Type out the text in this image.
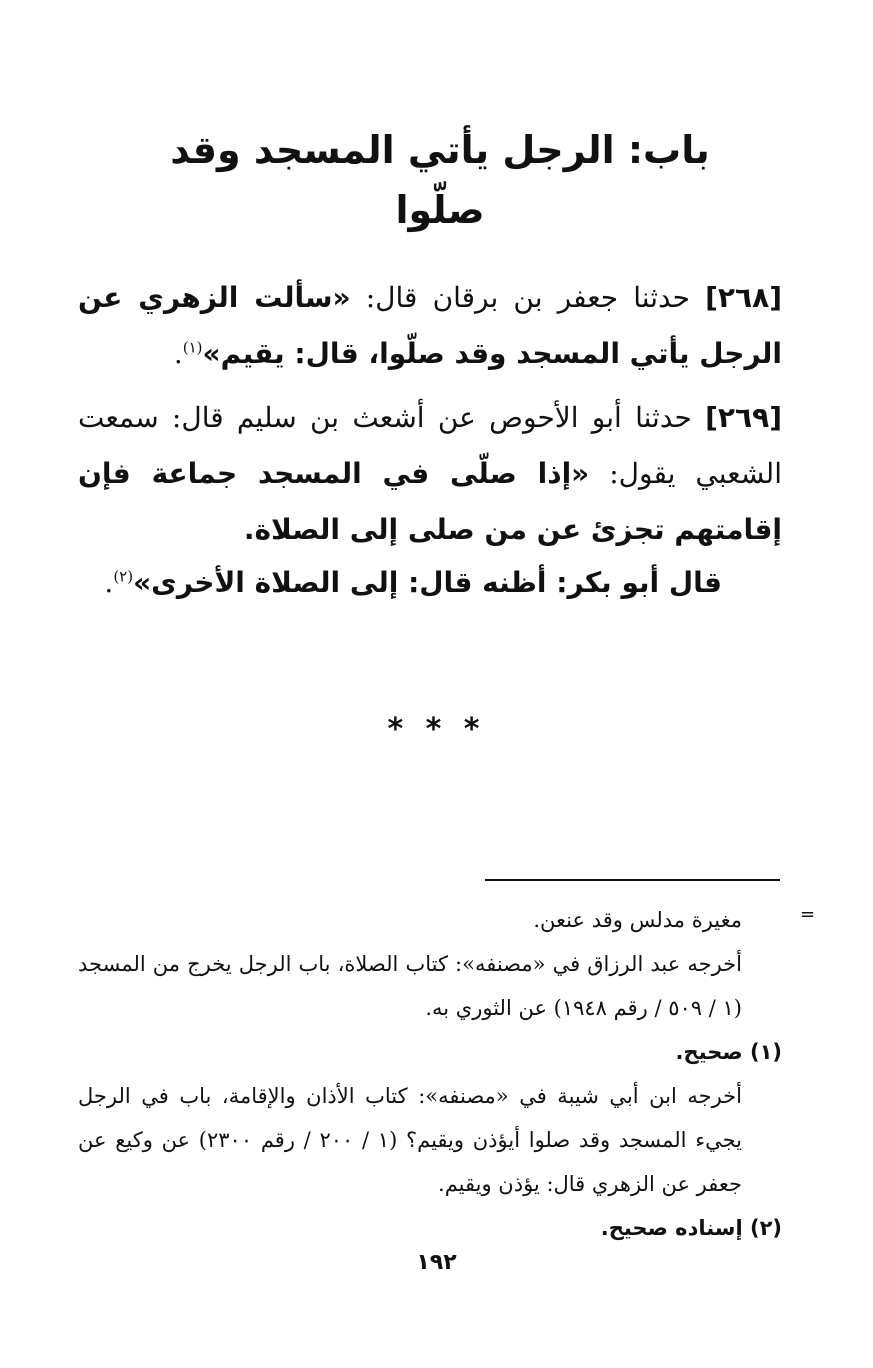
باب: الرجل يأتي المسجد وقد صلّوا

[٢٦٨] حدثنا جعفر بن برقان قال: «سألت الزهري عن الرجل يأتي المسجد وقد صلّوا، قال: يقيم»$^{(١)}$.

[٢٦٩] حدثنا أبو الأحوص عن أشعث بن سليم قال: سمعت الشعبي يقول: «إذا صلّى في المسجد جماعة فإن إقامتهم تجزئ عن من صلى إلى الصلاة.

قال أبو بكر: أظنه قال: إلى الصلاة الأخرى»$^{(٢)}$.

* * *
=
مغيرة مدلس وقد عنعن.
أخرجه عبد الرزاق في «مصنفه»: كتاب الصلاة، باب الرجل يخرج من المسجد (١ / ٥٠٩ / رقم ١٩٤٨) عن الثوري به.
(١) صحيح.
أخرجه ابن أبي شيبة في «مصنفه»: كتاب الأذان والإقامة، باب في الرجل يجيء المسجد وقد صلوا أيؤذن ويقيم؟ (١ / ٢٠٠ / رقم ٢٣٠٠) عن وكيع عن جعفر عن الزهري قال: يؤذن ويقيم.
(٢) إسناده صحيح.
١٩٢
